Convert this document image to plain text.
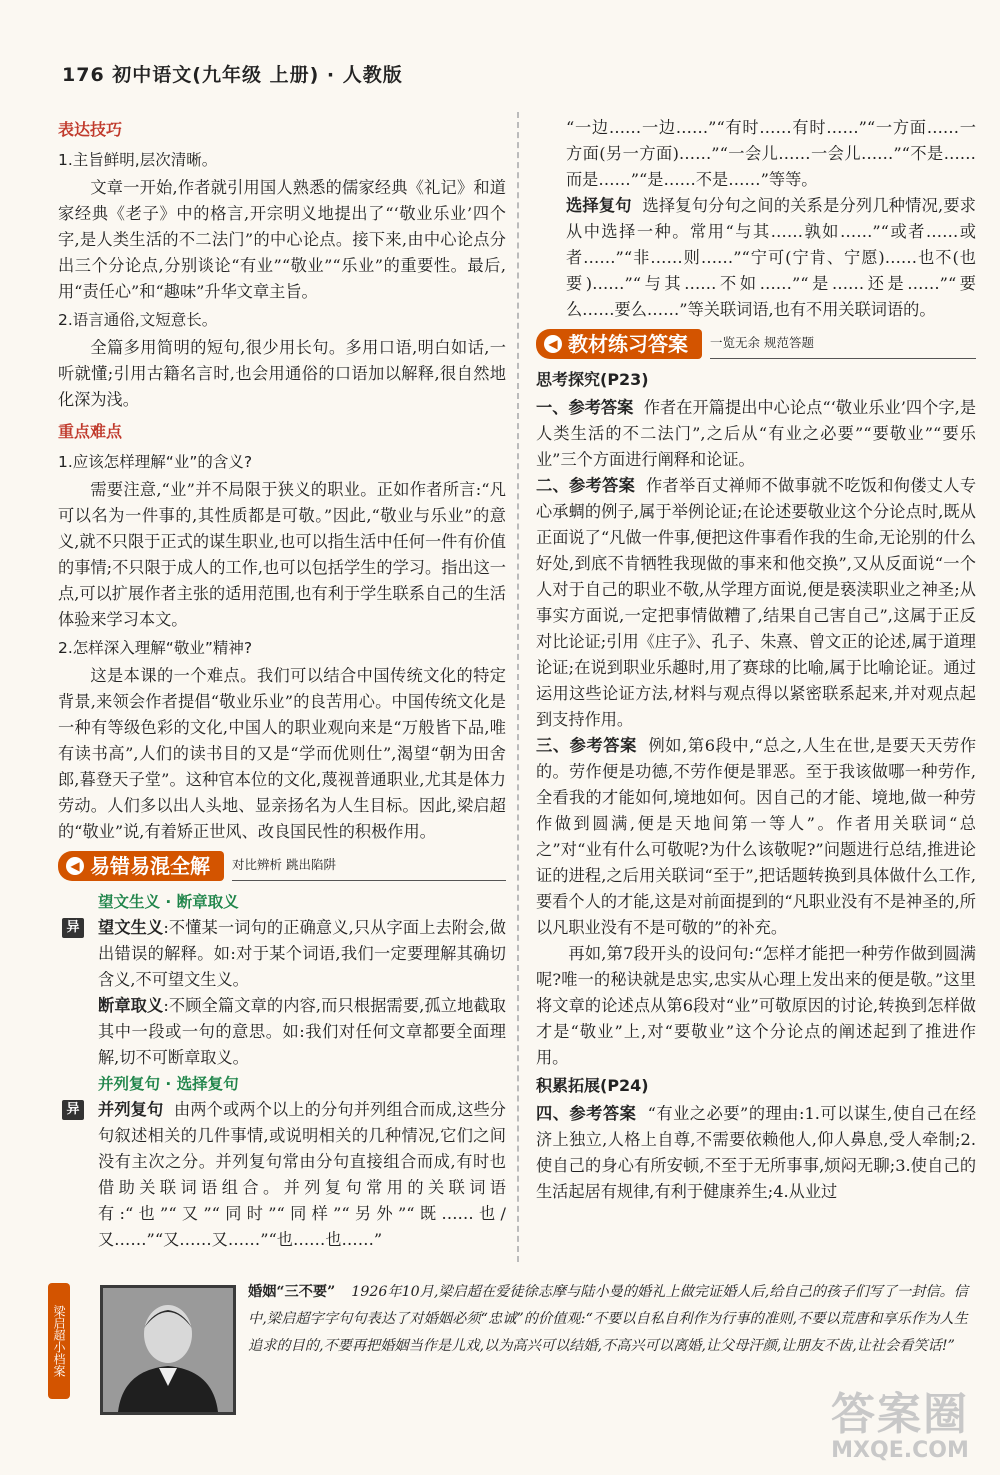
176 初中语文(九年级 上册) · 人教版
表达技巧
1.主旨鲜明,层次清晰。

文章一开始,作者就引用国人熟悉的儒家经典《礼记》和道家经典《老子》中的格言,开宗明义地提出了“‘敬业乐业’四个字,是人类生活的不二法门”的中心论点。接下来,由中心论点分出三个分论点,分别谈论“有业”“敬业”“乐业”的重要性。最后,用“责任心”和“趣味”升华文章主旨。

2.语言通俗,文短意长。

全篇多用简明的短句,很少用长句。多用口语,明白如话,一听就懂;引用古籍名言时,也会用通俗的口语加以解释,很自然地化深为浅。

重点难点
1.应该怎样理解“业”的含义?

需要注意,“业”并不局限于狭义的职业。正如作者所言:“凡可以名为一件事的,其性质都是可敬。”因此,“敬业与乐业”的意义,就不只限于正式的谋生职业,也可以指生活中任何一件有价值的事情;不只限于成人的工作,也可以包括学生的学习。指出这一点,可以扩展作者主张的适用范围,也有利于学生联系自己的生活体验来学习本文。

2.怎样深入理解“敬业”精神?

这是本课的一个难点。我们可以结合中国传统文化的特定背景,来领会作者提倡“敬业乐业”的良苦用心。中国传统文化是一种有等级色彩的文化,中国人的职业观向来是“万般皆下品,唯有读书高”,人们的读书目的又是“学而优则仕”,渴望“朝为田舍郎,暮登天子堂”。这种官本位的文化,蔑视普通职业,尤其是体力劳动。人们多以出人头地、显亲扬名为人生目标。因此,梁启超的“敬业”说,有着矫正世风、改良国民性的积极作用。

◀ 易错易混全解 对比辨析 跳出陷阱
望文生义 · 断章取义
异 望文生义:不懂某一词句的正确意义,只从字面上去附会,做出错误的解释。如:对于某个词语,我们一定要理解其确切含义,不可望文生义。

断章取义:不顾全篇文章的内容,而只根据需要,孤立地截取其中一段或一句的意思。如:我们对任何文章都要全面理解,切不可断章取义。

并列复句 · 选择复句
异 并列复句 由两个或两个以上的分句并列组合而成,这些分句叙述相关的几件事情,或说明相关的几种情况,它们之间没有主次之分。并列复句常由分句直接组合而成,有时也借助关联词语组合。并列复句常用的关联词语有:“也”“又”“同时”“同样”“另外”“既……也/又……”“又……又……”“也……也……”

“一边……一边……”“有时……有时……”“一方面……一方面(另一方面)……”“一会儿……一会儿……”“不是……而是……”“是……不是……”等等。

选择复句 选择复句分句之间的关系是分列几种情况,要求从中选择一种。常用“与其……孰如……”“或者……或者……”“非……则……”“宁可(宁肯、宁愿)……也不(也要)……”“与其……不如……”“是……还是……”“要么……要么……”等关联词语,也有不用关联词语的。

◀ 教材练习答案 一览无余 规范答题
思考探究(P23)

一、参考答案 作者在开篇提出中心论点“‘敬业乐业’四个字,是人类生活的不二法门”,之后从“有业之必要”“要敬业”“要乐业”三个方面进行阐释和论证。

二、参考答案 作者举百丈禅师不做事就不吃饭和佝偻丈人专心承蜩的例子,属于举例论证;在论述要敬业这个分论点时,既从正面说了“凡做一件事,便把这件事看作我的生命,无论别的什么好处,到底不肯牺牲我现做的事来和他交换”,又从反面说“一个人对于自己的职业不敬,从学理方面说,便是亵渎职业之神圣;从事实方面说,一定把事情做糟了,结果自己害自己”,这属于正反对比论证;引用《庄子》、孔子、朱熹、曾文正的论述,属于道理论证;在说到职业乐趣时,用了赛球的比喻,属于比喻论证。通过运用这些论证方法,材料与观点得以紧密联系起来,并对观点起到支持作用。

三、参考答案 例如,第6段中,“总之,人生在世,是要天天劳作的。劳作便是功德,不劳作便是罪恶。至于我该做哪一种劳作,全看我的才能如何,境地如何。因自己的才能、境地,做一种劳作做到圆满,便是天地间第一等人”。作者用关联词“总之”对“业有什么可敬呢?为什么该敬呢?”问题进行总结,推进论证的进程,之后用关联词“至于”,把话题转换到具体做什么工作,要看个人的才能,这是对前面提到的“凡职业没有不是神圣的,所以凡职业没有不是可敬的”的补充。

再如,第7段开头的设问句:“怎样才能把一种劳作做到圆满呢?唯一的秘诀就是忠实,忠实从心理上发出来的便是敬。”这里将文章的论述点从第6段对“业”可敬原因的讨论,转换到怎样做才是“敬业”上,对“要敬业”这个分论点的阐述起到了推进作用。

积累拓展(P24)

四、参考答案 “有业之必要”的理由:1.可以谋生,使自己在经济上独立,人格上自尊,不需要依赖他人,仰人鼻息,受人牵制;2.使自己的身心有所安顿,不至于无所事事,烦闷无聊;3.使自己的生活起居有规律,有利于健康养生;4.从业过

梁启超小档案
婚姻“三不要” 1926年10月,梁启超在爱徒徐志摩与陆小曼的婚礼上做完证婚人后,给自己的孩子们写了一封信。信中,梁启超字字句句表达了对婚姻必须“忠诚”的价值观:“不要以自私自利作为行事的准则,不要以荒唐和享乐作为人生追求的目的,不要再把婚姻当作是儿戏,以为高兴可以结婚,不高兴可以离婚,让父母汗颜,让朋友不齿,让社会看笑话!”
答案圈
MXQE.COM
